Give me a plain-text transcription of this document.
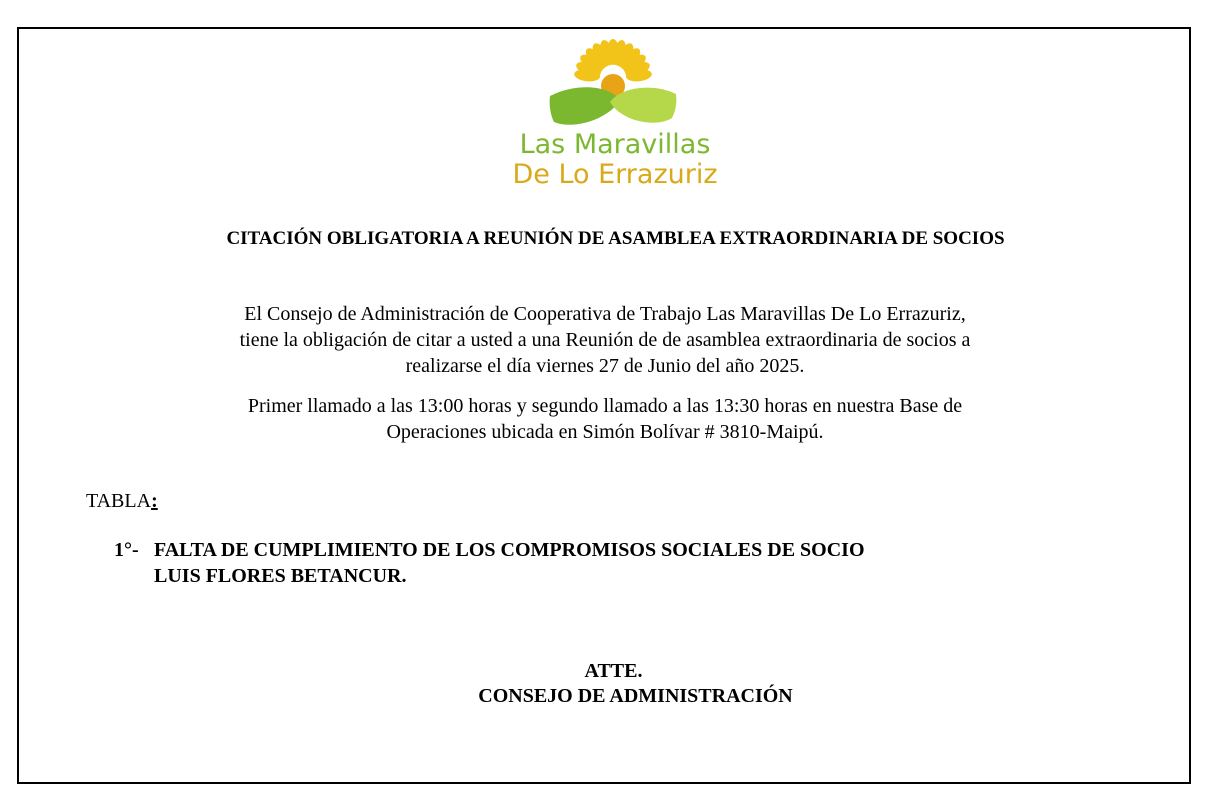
Las Maravillas
De Lo Errazuriz
CITACIÓN OBLIGATORIA A REUNIÓN DE ASAMBLEA EXTRAORDINARIA DE SOCIOS
El Consejo de Administración de Cooperativa de Trabajo Las Maravillas De Lo Errazuriz,
tiene la obligación de citar a usted a una Reunión de de asamblea extraordinaria de socios a
realizarse el día viernes 27 de Junio del año 2025.
Primer llamado a las 13:00 horas y segundo llamado a las 13:30 horas en nuestra Base de
Operaciones ubicada en Simón Bolívar # 3810-Maipú.
TABLA:
1°- FALTA DE CUMPLIMIENTO DE LOS COMPROMISOS SOCIALES DE SOCIO
LUIS FLORES BETANCUR.
ATTE.
CONSEJO DE ADMINISTRACIÓN
